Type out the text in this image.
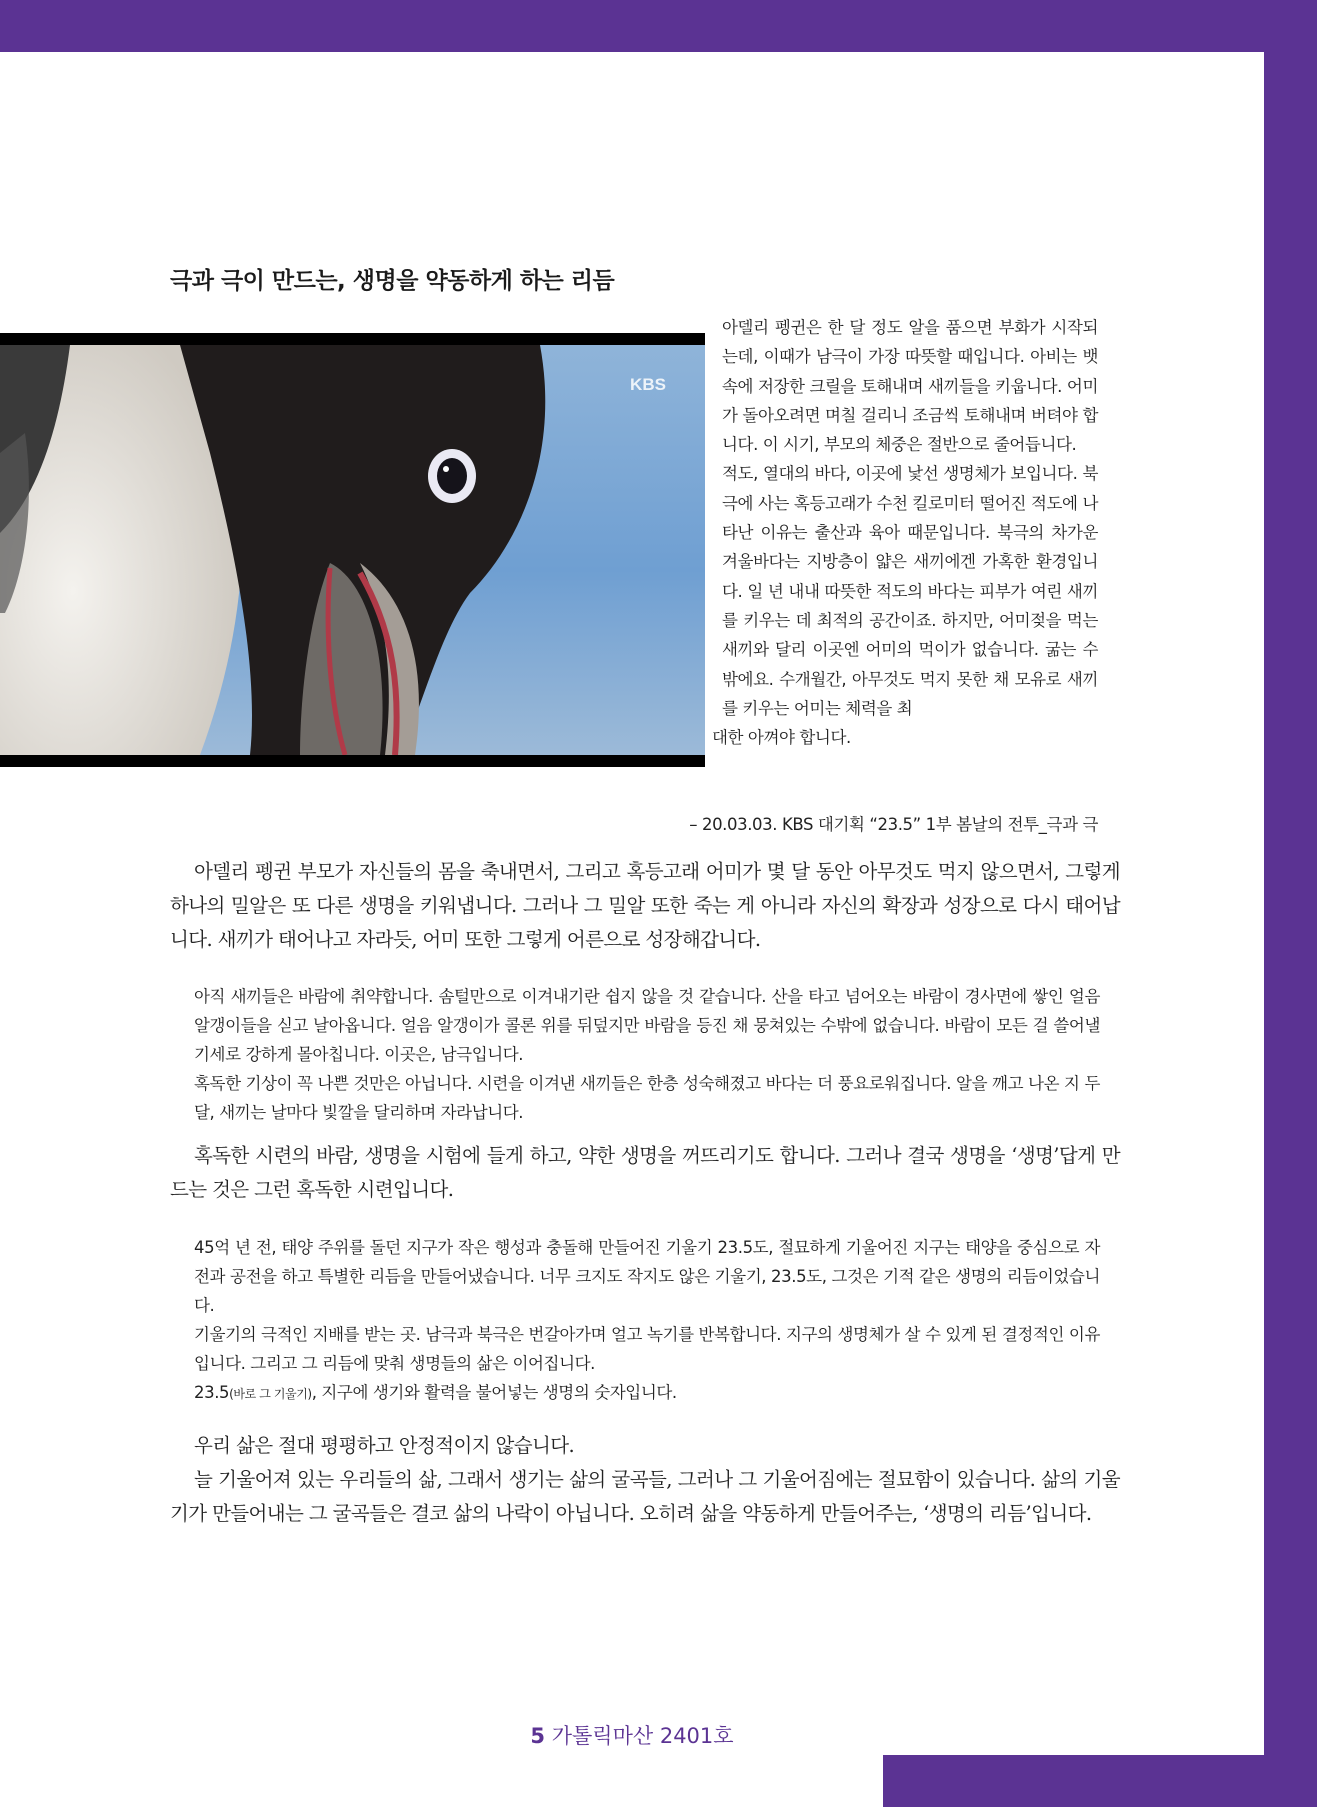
극과 극이 만드는, 생명을 약동하게 하는 리듬
KBS

아델리 펭귄은 한 달 정도 알을 품으면 부화가 시작되는데, 이때가 남극이 가장 따뜻할 때입니다. 아비는 뱃속에 저장한 크릴을 토해내며 새끼들을 키웁니다. 어미가 돌아오려면 며칠 걸리니 조금씩 토해내며 버텨야 합니다. 이 시기, 부모의 체중은 절반으로 줄어듭니다.

적도, 열대의 바다, 이곳에 낯선 생명체가 보입니다. 북극에 사는 혹등고래가 수천 킬로미터 떨어진 적도에 나타난 이유는 출산과 육아 때문입니다. 북극의 차가운 겨울바다는 지방층이 얇은 새끼에겐 가혹한 환경입니다. 일 년 내내 따뜻한 적도의 바다는 피부가 여린 새끼를 키우는 데 최적의 공간이죠. 하지만, 어미젖을 먹는 새끼와 달리 이곳엔 어미의 먹이가 없습니다. 굶는 수밖에요. 수개월간, 아무것도 먹지 못한 채 모유로 새끼를 키우는 어미는 체력을 최

대한 아껴야 합니다.

– 20.03.03. KBS 대기획 “23.5” 1부 봄날의 전투_극과 극

아델리 펭귄 부모가 자신들의 몸을 축내면서, 그리고 혹등고래 어미가 몇 달 동안 아무것도 먹지 않으면서, 그렇게 하나의 밀알은 또 다른 생명을 키워냅니다. 그러나 그 밀알 또한 죽는 게 아니라 자신의 확장과 성장으로 다시 태어납니다. 새끼가 태어나고 자라듯, 어미 또한 그렇게 어른으로 성장해갑니다.

아직 새끼들은 바람에 취약합니다. 솜털만으로 이겨내기란 쉽지 않을 것 같습니다. 산을 타고 넘어오는 바람이 경사면에 쌓인 얼음 알갱이들을 싣고 날아옵니다. 얼음 알갱이가 콜론 위를 뒤덮지만 바람을 등진 채 뭉쳐있는 수밖에 없습니다. 바람이 모든 걸 쓸어낼 기세로 강하게 몰아칩니다. 이곳은, 남극입니다.

혹독한 기상이 꼭 나쁜 것만은 아닙니다. 시련을 이겨낸 새끼들은 한층 성숙해졌고 바다는 더 풍요로워집니다. 알을 깨고 나온 지 두 달, 새끼는 날마다 빛깔을 달리하며 자라납니다.

혹독한 시련의 바람, 생명을 시험에 들게 하고, 약한 생명을 꺼뜨리기도 합니다. 그러나 결국 생명을 ‘생명’답게 만드는 것은 그런 혹독한 시련입니다.

45억 년 전, 태양 주위를 돌던 지구가 작은 행성과 충돌해 만들어진 기울기 23.5도, 절묘하게 기울어진 지구는 태양을 중심으로 자전과 공전을 하고 특별한 리듬을 만들어냈습니다. 너무 크지도 작지도 않은 기울기, 23.5도, 그것은 기적 같은 생명의 리듬이었습니다.

기울기의 극적인 지배를 받는 곳. 남극과 북극은 번갈아가며 얼고 녹기를 반복합니다. 지구의 생명체가 살 수 있게 된 결정적인 이유입니다. 그리고 그 리듬에 맞춰 생명들의 삶은 이어집니다.

23.5(바로 그 기울기), 지구에 생기와 활력을 불어넣는 생명의 숫자입니다.

우리 삶은 절대 평평하고 안정적이지 않습니다.

늘 기울어져 있는 우리들의 삶, 그래서 생기는 삶의 굴곡들, 그러나 그 기울어짐에는 절묘함이 있습니다. 삶의 기울기가 만들어내는 그 굴곡들은 결코 삶의 나락이 아닙니다. 오히려 삶을 약동하게 만들어주는, ‘생명의 리듬’입니다.

5 가톨릭마산 2401호
